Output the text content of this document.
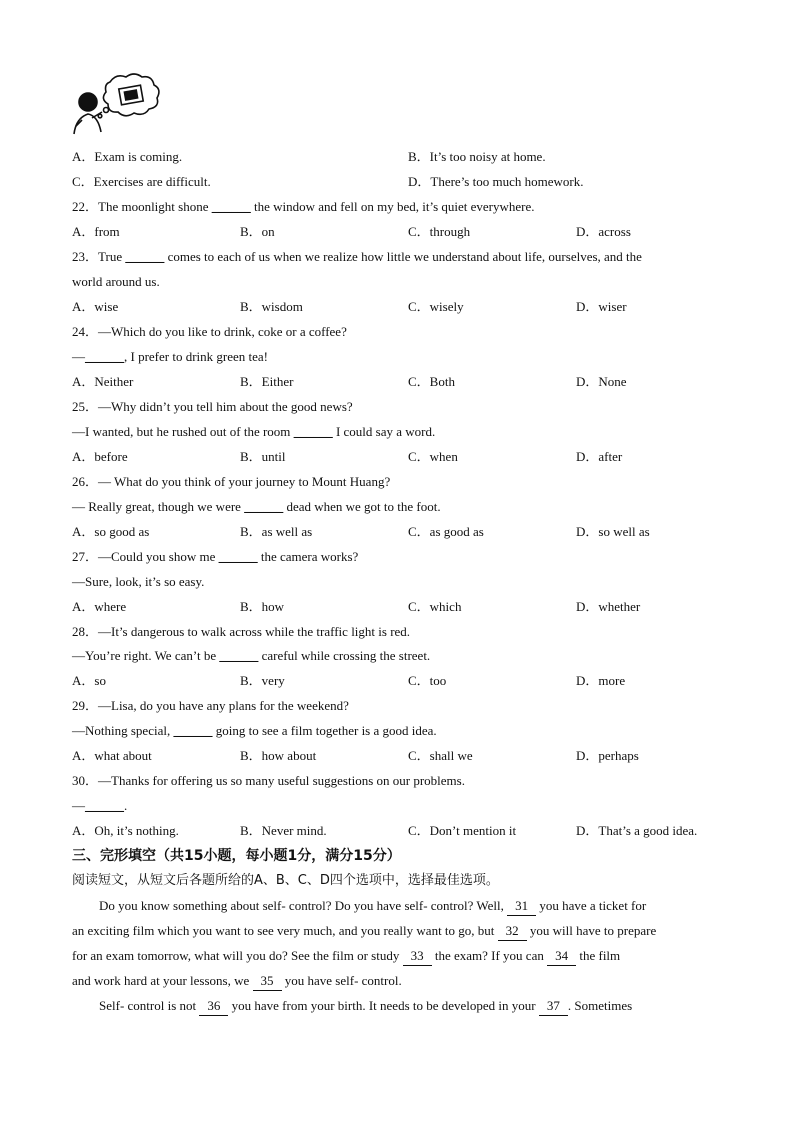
A．Exam is coming.	B．It’s too noisy at home.
C．Exercises are difficult.	D．There’s too much homework.
22．The moonlight shone ______ the window and fell on my bed, it’s quiet everywhere.
A．from	B．on	C．through	D．across
23．True ______ comes to each of us when we realize how little we understand about life, ourselves, and the
world around us.
A．wise	B．wisdom	C．wisely	D．wiser
24．—Which do you like to drink, coke or a coffee?
—______, I prefer to drink green tea!
A．Neither	B．Either	C．Both	D．None
25．—Why didn’t you tell him about the good news?
—I wanted, but he rushed out of the room ______ I could say a word.
A．before	B．until	C．when	D．after
26．— What do you think of your journey to Mount Huang?
— Really great, though we were ______ dead when we got to the foot.
A．so good as	B．as well as	C．as good as	D．so well as
27．—Could you show me ______ the camera works?
—Sure, look, it’s so easy.
A．where	B．how	C．which	D．whether
28．—It’s dangerous to walk across while the traffic light is red.
—You’re right. We can’t be ______ careful while crossing the street.
A．so	B．very	C．too	D．more
29．—Lisa, do you have any plans for the weekend?
—Nothing special, ______ going to see a film together is a good idea.
A．what about	B．how about	C．shall we	D．perhaps
30．—Thanks for offering us so many useful suggestions on our problems.
—______.
A．Oh, it’s nothing.	B．Never mind.	C．Don’t mention it	D．That’s a good idea.
三、完形填空（共15小题，每小题1分，满分15分）
阅读短文，从短文后各题所给的A、B、C、D四个选项中，选择最佳选项。
Do you know something about self- control? Do you have self- control? Well, 31 you have a ticket for
an exciting film which you want to see very much, and you really want to go, but 32 you will have to prepare
for an exam tomorrow, what will you do? See the film or study 33 the exam? If you can 34 the film
and work hard at your lessons, we 35 you have self- control.
Self- control is not 36 you have from your birth. It needs to be developed in your 37 . Sometimes
